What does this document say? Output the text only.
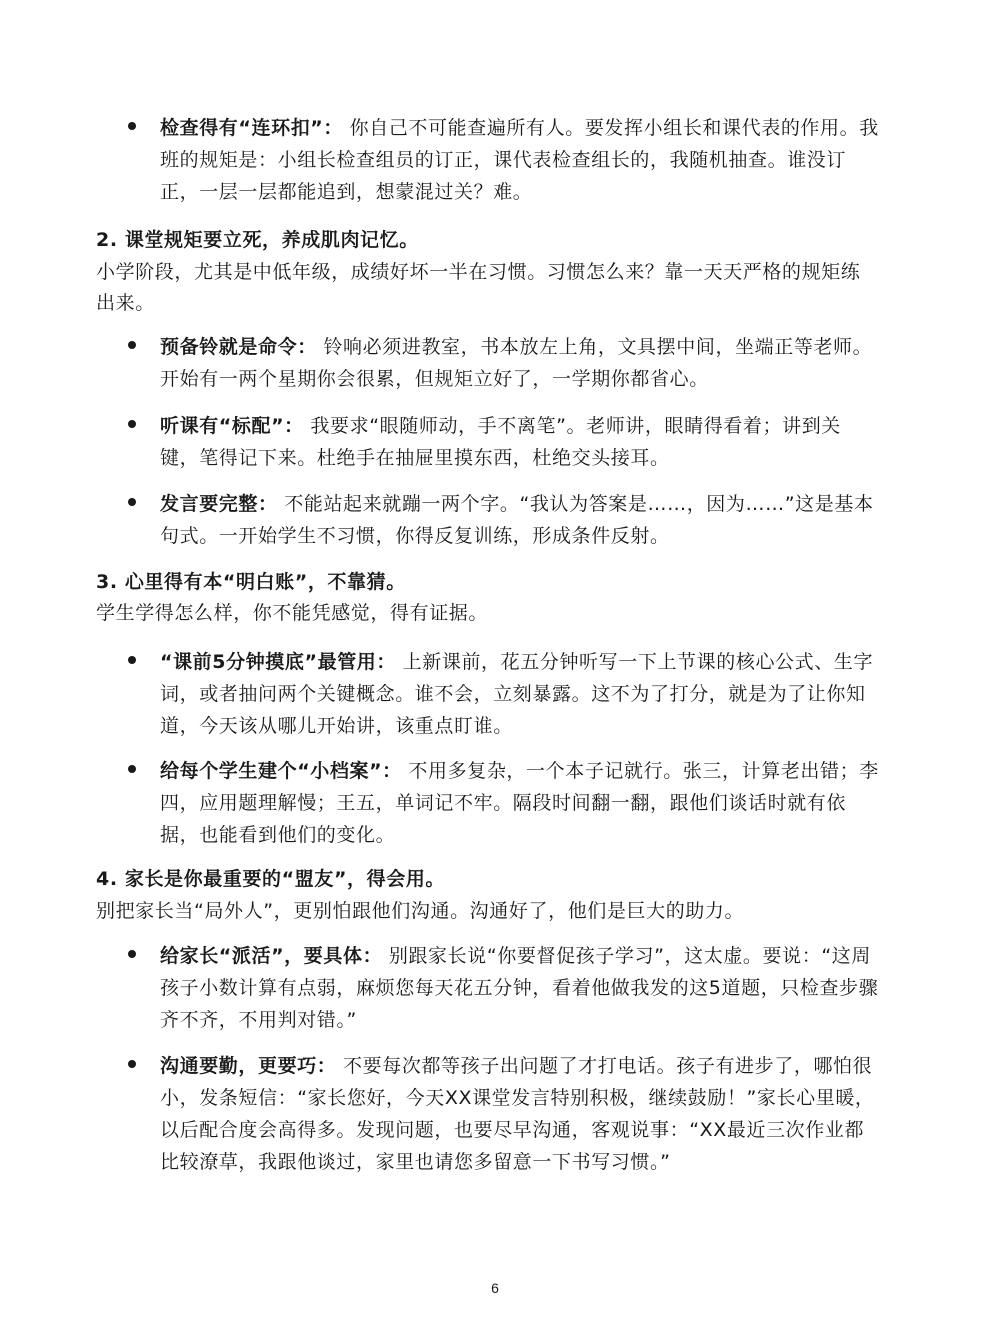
检查得有“连环扣”： 你自己不可能查遍所有人。要发挥小组长和课代表的作用。我班的规矩是：小组长检查组员的订正，课代表检查组长的，我随机抽查。谁没订正，一层一层都能追到，想蒙混过关？难。
2. 课堂规矩要立死，养成肌肉记忆。
小学阶段，尤其是中低年级，成绩好坏一半在习惯。习惯怎么来？靠一天天严格的规矩练出来。
预备铃就是命令： 铃响必须进教室，书本放左上角，文具摆中间，坐端正等老师。开始有一两个星期你会很累，但规矩立好了，一学期你都省心。
听课有“标配”： 我要求“眼随师动，手不离笔”。老师讲，眼睛得看着；讲到关键，笔得记下来。杜绝手在抽屉里摸东西，杜绝交头接耳。
发言要完整： 不能站起来就蹦一两个字。“我认为答案是……，因为……”这是基本句式。一开始学生不习惯，你得反复训练，形成条件反射。
3. 心里得有本“明白账”，不靠猜。
学生学得怎么样，你不能凭感觉，得有证据。
“课前5分钟摸底”最管用： 上新课前，花五分钟听写一下上节课的核心公式、生字词，或者抽问两个关键概念。谁不会，立刻暴露。这不为了打分，就是为了让你知道，今天该从哪儿开始讲，该重点盯谁。
给每个学生建个“小档案”： 不用多复杂，一个本子记就行。张三，计算老出错；李四，应用题理解慢；王五，单词记不牢。隔段时间翻一翻，跟他们谈话时就有依据，也能看到他们的变化。
4. 家长是你最重要的“盟友”，得会用。
别把家长当“局外人”，更别怕跟他们沟通。沟通好了，他们是巨大的助力。
给家长“派活”，要具体： 别跟家长说“你要督促孩子学习”，这太虚。要说：“这周孩子小数计算有点弱，麻烦您每天花五分钟，看着他做我发的这5道题，只检查步骤齐不齐，不用判对错。”
沟通要勤，更要巧： 不要每次都等孩子出问题了才打电话。孩子有进步了，哪怕很小，发条短信：“家长您好，今天XX课堂发言特别积极，继续鼓励！”家长心里暖，以后配合度会高得多。发现问题，也要尽早沟通，客观说事：“XX最近三次作业都比较潦草，我跟他谈过，家里也请您多留意一下书写习惯。”
6
